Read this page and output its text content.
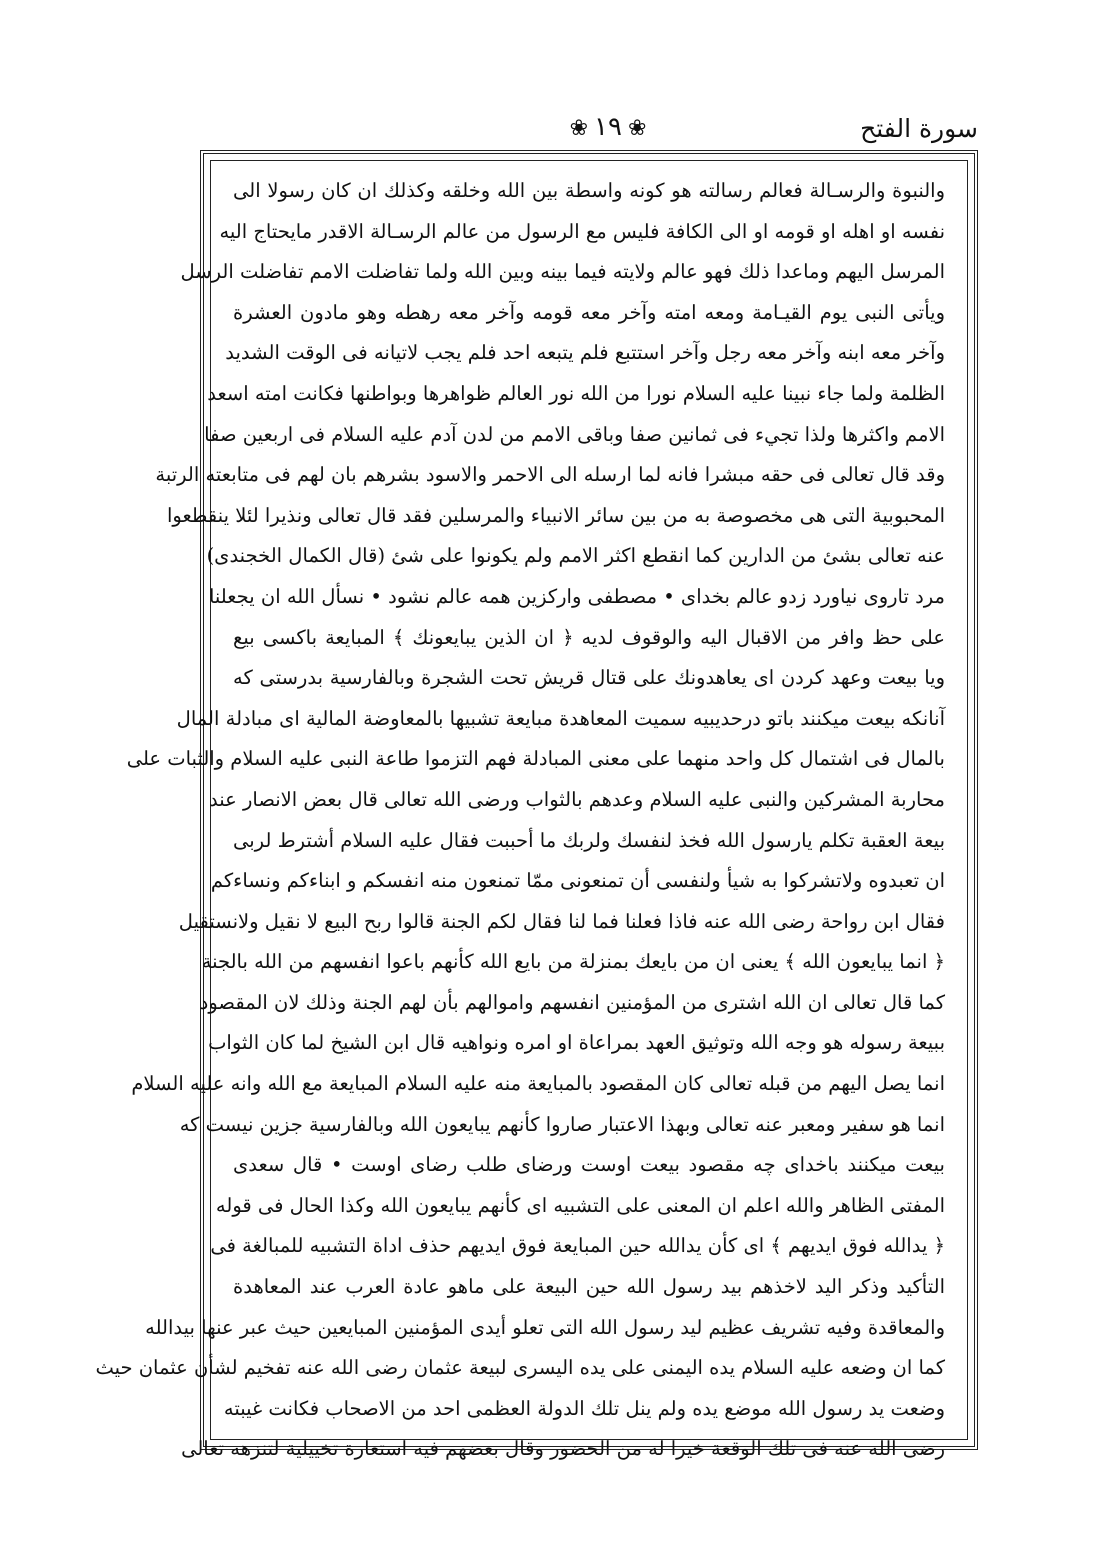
سورة الفتح
❀١٩❀
والنبوة والرسـالة فعالم رسالته هو كونه واسطة بين الله وخلقه وكذلك ان كان رسولا الى
نفسه او اهله او قومه او الى الكافة فليس مع الرسول من عالم الرسـالة الاقدر مايحتاج اليه
المرسل اليهم وماعدا ذلك فهو عالم ولايته فيما بينه وبين الله ولما تفاضلت الامم تفاضلت الرسل
ويأتى النبى يوم القيـامة ومعه امته وآخر معه قومه وآخر معه رهطه وهو مادون العشرة
وآخر معه ابنه وآخر معه رجل وآخر استتبع فلم يتبعه احد فلم يجب لاتيانه فى الوقت الشديد
الظلمة ولما جاء نبينا عليه السلام نورا من الله نور العالم ظواهرها وبواطنها فكانت امته اسعد
الامم واكثرها ولذا تجيء فى ثمانين صفا وباقى الامم من لدن آدم عليه السلام فى اربعين صفا
وقد قال تعالى فى حقه مبشرا فانه لما ارسله الى الاحمر والاسود بشرهم بان لهم فى متابعته الرتبة
المحبوبية التى هى مخصوصة به من بين سائر الانبياء والمرسلين فقد قال تعالى ونذيرا لئلا ينقطعوا
عنه تعالى بشئ من الدارين كما انقطع اكثر الامم ولم يكونوا على شئ (قال الكمال الخجندى)
مرد تاروى نياورد زدو عالم بخداى • مصطفى واركزين همه عالم نشود • نسأل الله ان يجعلنا
على حظ وافر من الاقبال اليه والوقوف لديه ﴿ ان الذين يبايعونك ﴾ المبايعة باكسى بيع
ويا بيعت وعهد كردن اى يعاهدونك على قتال قريش تحت الشجرة وبالفارسية بدرستى كه
آنانكه بيعت ميكنند باتو درحديبيه سميت المعاهدة مبايعة تشبيها بالمعاوضة المالية اى مبادلة المال
بالمال فى اشتمال كل واحد منهما على معنى المبادلة فهم التزموا طاعة النبى عليه السلام والثبات على
محاربة المشركين والنبى عليه السلام وعدهم بالثواب ورضى الله تعالى قال بعض الانصار عند
بيعة العقبة تكلم يارسول الله فخذ لنفسك ولربك ما أحببت فقال عليه السلام أشترط لربى
ان تعبدوه ولاتشركوا به شيأ ولنفسى أن تمنعونى ممّا تمنعون منه انفسكم و ابناءكم ونساءكم
فقال ابن رواحة رضى الله عنه فاذا فعلنا فما لنا فقال لكم الجنة قالوا ربح البيع لا نقيل ولانستقيل
﴿ انما يبايعون الله ﴾ يعنى ان من بايعك بمنزلة من بايع الله كأنهم باعوا انفسهم من الله بالجنة
كما قال تعالى ان الله اشترى من المؤمنين انفسهم واموالهم بأن لهم الجنة وذلك لان المقصود
ببيعة رسوله هو وجه الله وتوثيق العهد بمراعاة او امره ونواهيه قال ابن الشيخ لما كان الثواب
انما يصل اليهم من قبله تعالى كان المقصود بالمبايعة منه عليه السلام المبايعة مع الله وانه عليه السلام
انما هو سفير ومعبر عنه تعالى وبهذا الاعتبار صاروا كأنهم يبايعون الله وبالفارسية جزين نيست كه
بيعت ميكنند باخداى چه مقصود بيعت اوست ورضاى طلب رضاى اوست • قال سعدى
المفتى الظاهر والله اعلم ان المعنى على التشبيه اى كأنهم يبايعون الله وكذا الحال فى قوله
﴿ يدالله فوق ايديهم ﴾ اى كأن يدالله حين المبايعة فوق ايديهم حذف اداة التشبيه للمبالغة فى
التأكيد وذكر اليد لاخذهم بيد رسول الله حين البيعة على ماهو عادة العرب عند المعاهدة
والمعاقدة وفيه تشريف عظيم ليد رسول الله التى تعلو أيدى المؤمنين المبايعين حيث عبر عنها بيدالله
كما ان وضعه عليه السلام يده اليمنى على يده اليسرى لبيعة عثمان رضى الله عنه تفخيم لشأن عثمان حيث
وضعت يد رسول الله موضع يده ولم ينل تلك الدولة العظمى احد من الاصحاب فكانت غيبته
رضى الله عنه فى تلك الوقعة خيرا له من الحضور وقال بعضهم فيه استعارة تخييلية لتنزهه تعالى
